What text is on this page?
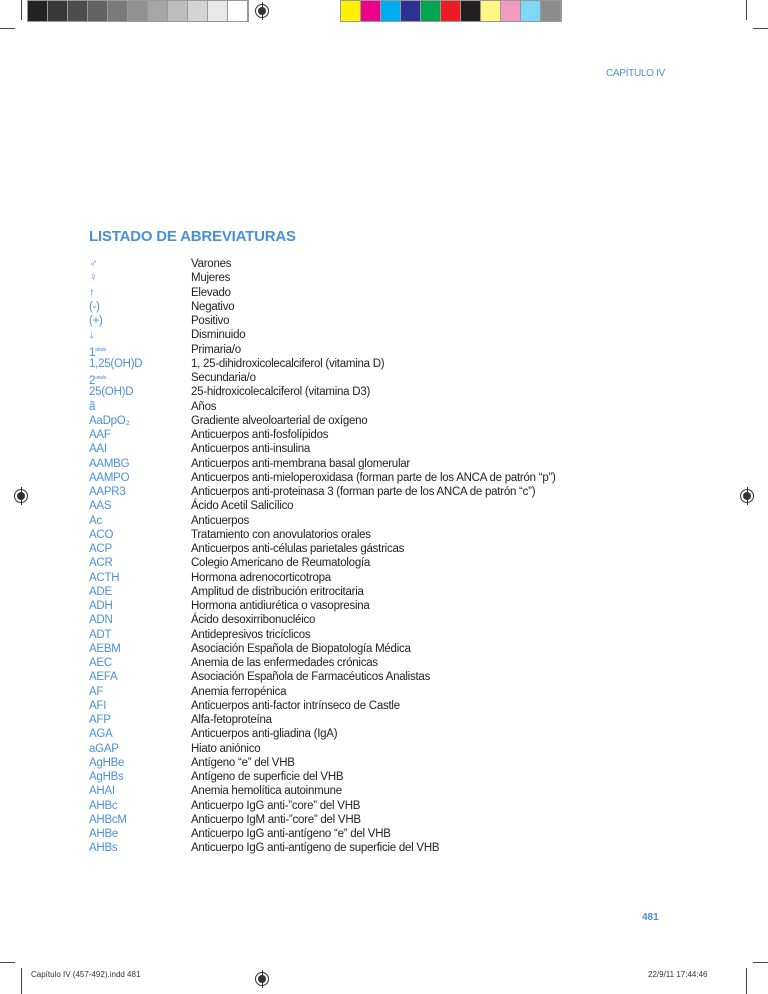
CAPÍTULO IV
LISTADO DE ABREVIATURAS
♂	Varones
♀	Mujeres
↑	Elevado
(-)	Negativo
(+)	Positivo
↓	Disminuido
$1^{aria/o}$	Primaria/o
1,25(OH)D	1, 25-dihidroxicolecalciferol (vitamina D)
$2^{aria/o}$	Secundaria/o
25(OH)D	25-hidroxicolecalciferol (vitamina D3)
ã	Años
AaDpO₂	Gradiente alveoloarterial de oxígeno
AAF	Anticuerpos anti-fosfolípidos
AAI	Anticuerpos anti-insulina
AAMBG	Anticuerpos anti-membrana basal glomerular
AAMPO	Anticuerpos anti-mieloperoxidasa (forman parte de los ANCA de patrón “p”)
AAPR3	Anticuerpos anti-proteinasa 3 (forman parte de los ANCA de patrón “c”)
AAS	Ácido Acetil Salicílico
Ac	Anticuerpos
ACO	Tratamiento con anovulatorios orales
ACP	Anticuerpos anti-células parietales gástricas
ACR	Colegio Americano de Reumatología
ACTH	Hormona adrenocorticotropa
ADE	Amplitud de distribución eritrocitaria
ADH	Hormona antidiurética o vasopresina
ADN	Ácido desoxirribonucléico
ADT	Antidepresivos tricíclicos
AEBM	Asociación Española de Biopatología Médica
AEC	Anemia de las enfermedades crónicas
AEFA	Asociación Española de Farmacéuticos Analistas
AF	Anemia ferropénica
AFI	Anticuerpos anti-factor intrínseco de Castle
AFP	Alfa-fetoproteína
AGA	Anticuerpos anti-gliadina (IgA)
aGAP	Hiato aniónico
AgHBe	Antígeno “e” del VHB
AgHBs	Antígeno de superficie del VHB
AHAI	Anemia hemolítica autoinmune
AHBc	Anticuerpo IgG anti-”core” del VHB
AHBcM	Anticuerpo IgM anti-”core” del VHB
AHBe	Anticuerpo IgG anti-antígeno “e” del VHB
AHBs	Anticuerpo IgG anti-antígeno de superficie del VHB
481
Capítulo IV (457-492).indd 481	22/9/11 17:44:46
